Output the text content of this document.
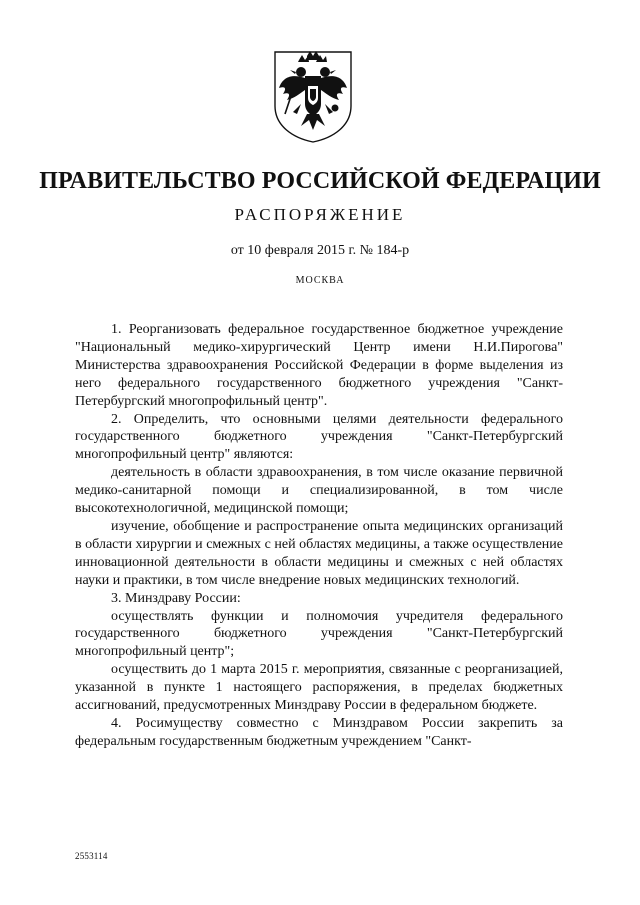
ПРАВИТЕЛЬСТВО РОССИЙСКОЙ ФЕДЕРАЦИИ
РАСПОРЯЖЕНИЕ
от 10 февраля 2015 г. № 184-р
МОСКВА

1. Реорганизовать федеральное государственное бюджетное учреждение "Национальный медико-хирургический Центр имени Н.И.Пирогова" Министерства здравоохранения Российской Федерации в форме выделения из него федерального государственного бюджетного учреждения "Санкт-Петербургский многопрофильный центр".

2. Определить, что основными целями деятельности федерального государственного бюджетного учреждения "Санкт-Петербургский многопрофильный центр" являются:

деятельность в области здравоохранения, в том числе оказание первичной медико-санитарной помощи и специализированной, в том числе высокотехнологичной, медицинской помощи;

изучение, обобщение и распространение опыта медицинских организаций в области хирургии и смежных с ней областях медицины, а также осуществление инновационной деятельности в области медицины и смежных с ней областях науки и практики, в том числе внедрение новых медицинских технологий.

3. Минздраву России:

осуществлять функции и полномочия учредителя федерального государственного бюджетного учреждения "Санкт-Петербургский многопрофильный центр";

осуществить до 1 марта 2015 г. мероприятия, связанные с реорганизацией, указанной в пункте 1 настоящего распоряжения, в пределах бюджетных ассигнований, предусмотренных Минздраву России в федеральном бюджете.

4. Росимуществу совместно с Минздравом России закрепить за федеральным государственным бюджетным учреждением "Санкт-

2553114
